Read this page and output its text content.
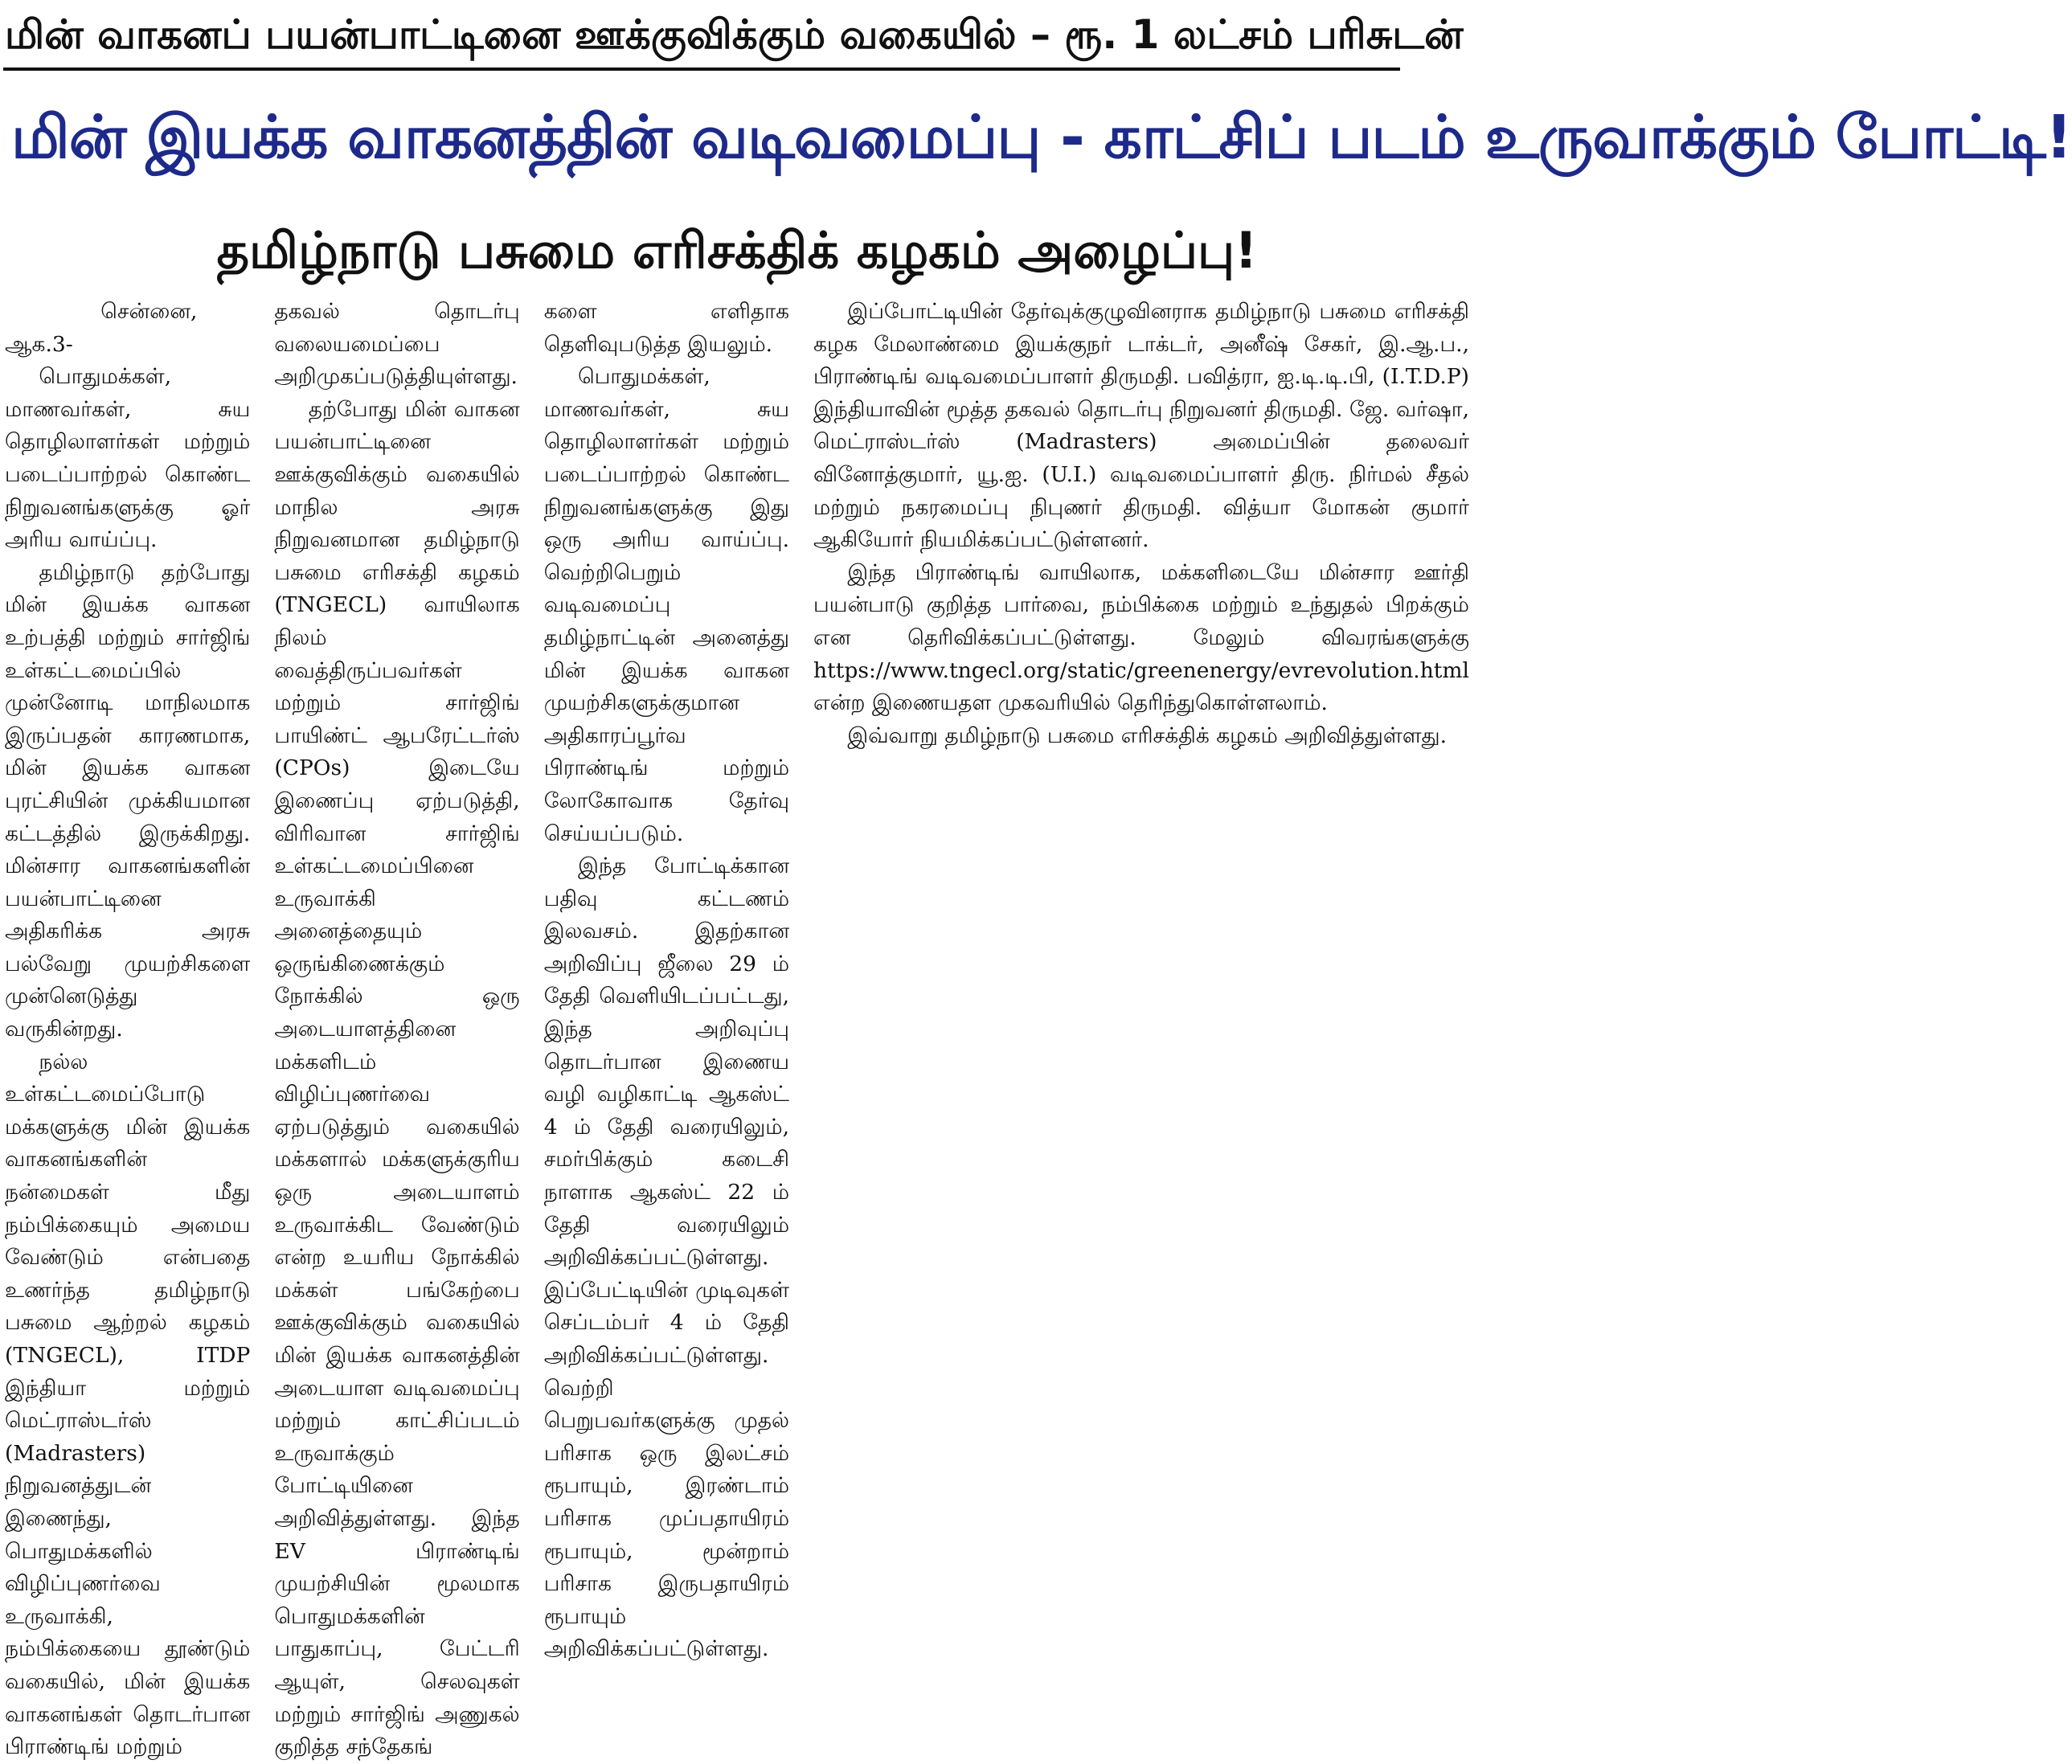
மின் வாகனப் பயன்பாட்டினை ஊக்குவிக்கும் வகையில் – ரூ. 1 லட்சம் பரிசுடன்
மின் இயக்க வாகனத்தின் வடிவமைப்பு - காட்சிப் படம் உருவாக்கும் போட்டி!
தமிழ்நாடு பசுமை எரிசக்திக் கழகம் அழைப்பு!

சென்னை, ஆக.3-

பொதுமக்கள், மாணவர்கள், சுய தொழிலாளர்கள் மற்றும் படைப்பாற்றல் கொண்ட நிறுவனங்களுக்கு ஓர் அரிய வாய்ப்பு.

தமிழ்நாடு தற்போது மின் இயக்க வாகன உற்பத்தி மற்றும் சார்ஜிங் உள்கட்டமைப்பில் முன்னோடி மாநிலமாக இருப்பதன் காரணமாக, மின் இயக்க வாகன புரட்சியின் முக்கியமான கட்டத்தில் இருக்கிறது. மின்சார வாகனங்களின் பயன்பாட்டினை அதிகரிக்க அரசு பல்வேறு முயற்சிகளை முன்னெடுத்து வருகின்றது.

நல்ல உள்கட்டமைப்போடு மக்களுக்கு மின் இயக்க வாகனங்களின் நன்மைகள் மீது நம்பிக்கையும் அமைய வேண்டும் என்பதை உணர்ந்த தமிழ்நாடு பசுமை ஆற்றல் கழகம் (TNGECL), ITDP இந்தியா மற்றும் மெட்ராஸ்டர்ஸ் (Madrasters) நிறுவனத்துடன் இணைந்து, பொதுமக்களில் விழிப்புணர்வை உருவாக்கி, நம்பிக்கையை தூண்டும் வகையில், மின் இயக்க வாகனங்கள் தொடர்பான பிராண்டிங் மற்றும்

தகவல் தொடர்பு வலையமைப்பை அறிமுகப்படுத்தியுள்ளது.

தற்போது மின் வாகன பயன்பாட்டினை ஊக்குவிக்கும் வகையில் மாநில அரசு நிறுவனமான தமிழ்நாடு பசுமை எரிசக்தி கழகம் (TNGECL) வாயிலாக நிலம் வைத்திருப்பவர்கள் மற்றும் சார்ஜிங் பாயிண்ட் ஆபரேட்டர்ஸ் (CPOs) இடையே இணைப்பு ஏற்படுத்தி, விரிவான சார்ஜிங் உள்கட்டமைப்பினை உருவாக்கி அனைத்தையும் ஒருங்கிணைக்கும் நோக்கில் ஒரு அடையாளத்தினை மக்களிடம் விழிப்புணர்வை ஏற்படுத்தும் வகையில் மக்களால் மக்களுக்குரிய ஒரு அடையாளம் உருவாக்கிட வேண்டும் என்ற உயரிய நோக்கில் மக்கள் பங்கேற்பை ஊக்குவிக்கும் வகையில் மின் இயக்க வாகனத்தின் அடையாள வடிவமைப்பு மற்றும் காட்சிப்படம் உருவாக்கும் போட்டியினை அறிவித்துள்ளது. இந்த EV பிராண்டிங் முயற்சியின் மூலமாக பொதுமக்களின் பாதுகாப்பு, பேட்டரி ஆயுள், செலவுகள் மற்றும் சார்ஜிங் அணுகல் குறித்த சந்தேகங்

களை எளிதாக தெளிவுபடுத்த இயலும்.

பொதுமக்கள், மாணவர்கள், சுய தொழிலாளர்கள் மற்றும் படைப்பாற்றல் கொண்ட நிறுவனங்களுக்கு இது ஒரு அரிய வாய்ப்பு. வெற்றிபெறும் வடிவமைப்பு தமிழ்நாட்டின் அனைத்து மின் இயக்க வாகன முயற்சிகளுக்குமான அதிகாரப்பூர்வ பிராண்டிங் மற்றும் லோகோவாக தேர்வு செய்யப்படும்.

இந்த போட்டிக்கான பதிவு கட்டணம் இலவசம். இதற்கான அறிவிப்பு ஜீலை 29 ம் தேதி வெளியிடப்பட்டது, இந்த அறிவுப்பு தொடர்பான இணைய வழி வழிகாட்டி ஆகஸ்ட் 4 ம் தேதி வரையிலும், சமர்பிக்கும் கடைசி நாளாக ஆகஸ்ட் 22 ம் தேதி வரையிலும் அறிவிக்கப்பட்டுள்ளது. இப்பேட்டியின் முடிவுகள் செப்டம்பர் 4 ம் தேதி அறிவிக்கப்பட்டுள்ளது. வெற்றி பெறுபவர்களுக்கு முதல் பரிசாக ஒரு இலட்சம் ரூபாயும், இரண்டாம் பரிசாக முப்பதாயிரம் ரூபாயும், மூன்றாம் பரிசாக இருபதாயிரம் ரூபாயும் அறிவிக்கப்பட்டுள்ளது.

இப்போட்டியின் தேர்வுக்குழுவினராக தமிழ்நாடு பசுமை எரிசக்தி கழக மேலாண்மை இயக்குநர் டாக்டர், அனீஷ் சேகர், இ.ஆ.ப., பிராண்டிங் வடிவமைப்பாளர் திருமதி. பவித்ரா, ஐ.டி.டி.பி, (I.T.D.P) இந்தியாவின் மூத்த தகவல் தொடர்பு நிறுவனர் திருமதி. ஜே. வர்ஷா, மெட்ராஸ்டர்ஸ் (Madrasters) அமைப்பின் தலைவர் வினோத்குமார், யூ.ஐ. (U.I.) வடிவமைப்பாளர் திரு. நிர்மல் சீதல் மற்றும் நகரமைப்பு நிபுணர் திருமதி. வித்யா மோகன் குமார் ஆகியோர் நியமிக்கப்பட்டுள்ளனர்.

இந்த பிராண்டிங் வாயிலாக, மக்களிடையே மின்சார ஊர்தி பயன்பாடு குறித்த பார்வை, நம்பிக்கை மற்றும் உந்துதல் பிறக்கும் என தெரிவிக்கப்பட்டுள்ளது. மேலும் விவரங்களுக்கு https://www.tngecl.org/static/greenenergy/evrevolution.html என்ற இணையதள முகவரியில் தெரிந்துகொள்ளலாம்.

இவ்வாறு தமிழ்நாடு பசுமை எரிசக்திக் கழகம் அறிவித்துள்ளது.
